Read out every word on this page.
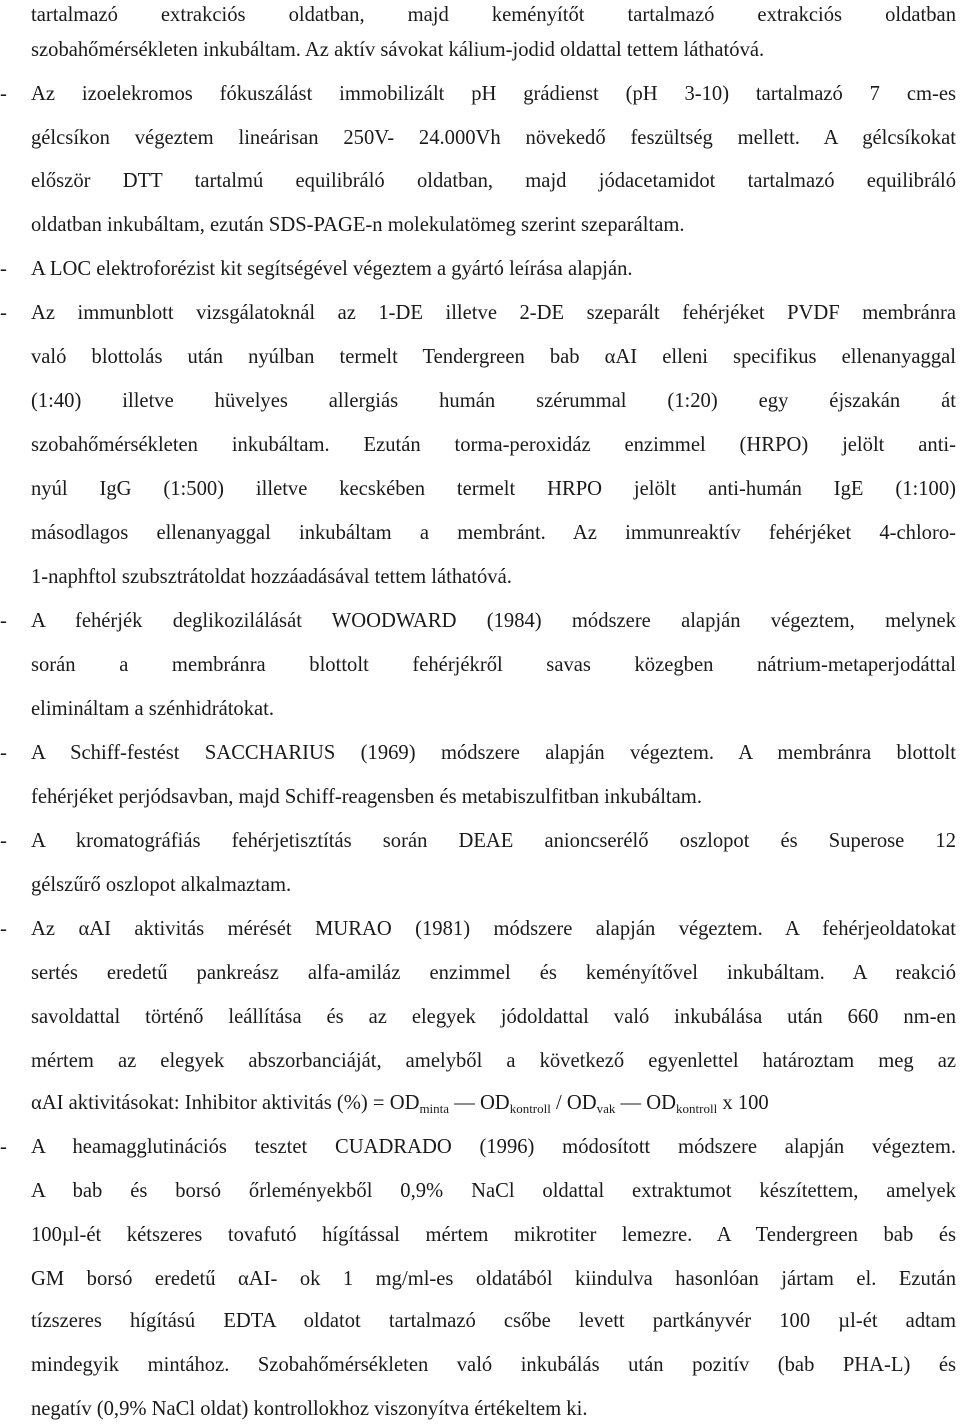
tartalmazó extrakciós oldatban, majd keményítőt tartalmazó extrakciós oldatban
szobahőmérsékleten inkubáltam. Az aktív sávokat kálium-jodid oldattal tettem láthatóvá.
-	Az izoelekromos fókuszálást immobilizált pH grádienst (pH 3-10) tartalmazó 7 cm-es
gélcsíkon végeztem lineárisan 250V- 24.000Vh növekedő feszültség mellett. A gélcsíkokat
először DTT tartalmú equilibráló oldatban, majd jódacetamidot tartalmazó equilibráló
oldatban inkubáltam, ezután SDS-PAGE-n molekulatömeg szerint szeparáltam.
-	A LOC elektroforézist kit segítségével végeztem a gyártó leírása alapján.
-	Az immunblott vizsgálatoknál az 1-DE illetve 2-DE szeparált fehérjéket PVDF membránra
való blottolás után nyúlban termelt Tendergreen bab αAI elleni specifikus ellenanyaggal
(1:40) illetve hüvelyes allergiás humán szérummal (1:20) egy éjszakán át
szobahőmérsékleten inkubáltam. Ezután torma-peroxidáz enzimmel (HRPO) jelölt anti-
nyúl IgG (1:500) illetve kecskében termelt HRPO jelölt anti-humán IgE (1:100)
másodlagos ellenanyaggal inkubáltam a membránt. Az immunreaktív fehérjéket 4-chloro-
1-naphftol szubsztrátoldat hozzáadásával tettem láthatóvá.
-	A fehérjék deglikozilálását WOODWARD (1984) módszere alapján végeztem, melynek
során a membránra blottolt fehérjékről savas közegben nátrium-metaperjodáttal
elimináltam a szénhidrátokat.
-	A Schiff-festést SACCHARIUS (1969) módszere alapján végeztem. A membránra blottolt
fehérjéket perjódsavban, majd Schiff-reagensben és metabiszulfitban inkubáltam.
-	A kromatográfiás fehérjetisztítás során DEAE anioncserélő oszlopot és Superose 12
gélszűrő oszlopot alkalmaztam.
-	Az αAI aktivitás mérését MURAO (1981) módszere alapján végeztem. A fehérjeoldatokat
sertés eredetű pankreász alfa-amiláz enzimmel és keményítővel inkubáltam. A reakció
savoldattal történő leállítása és az elegyek jódoldattal való inkubálása után 660 nm-en
mértem az elegyek abszorbanciáját, amelyből a következő egyenlettel határoztam meg az
αAI aktivitásokat: Inhibitor aktivitás (%) = $OD_{minta}$ — $OD_{kontroll} / OD_{vak}$ — $OD_{kontroll}$ x 100
-	A heamagglutinációs tesztet CUADRADO (1996) módosított módszere alapján végeztem.
A bab és borsó őrleményekből 0,9% NaCl oldattal extraktumot készítettem, amelyek
100µl-ét kétszeres tovafutó hígítással mértem mikrotiter lemezre. A Tendergreen bab és
GM borsó eredetű αAI- ok 1 mg/ml-es oldatából kiindulva hasonlóan jártam el. Ezután
tízszeres hígítású EDTA oldatot tartalmazó csőbe levett partkányvér 100 µl-ét adtam
mindegyik mintához. Szobahőmérsékleten való inkubálás után pozitív (bab PHA-L) és
negatív (0,9% NaCl oldat) kontrollokhoz viszonyítva értékeltem ki.
